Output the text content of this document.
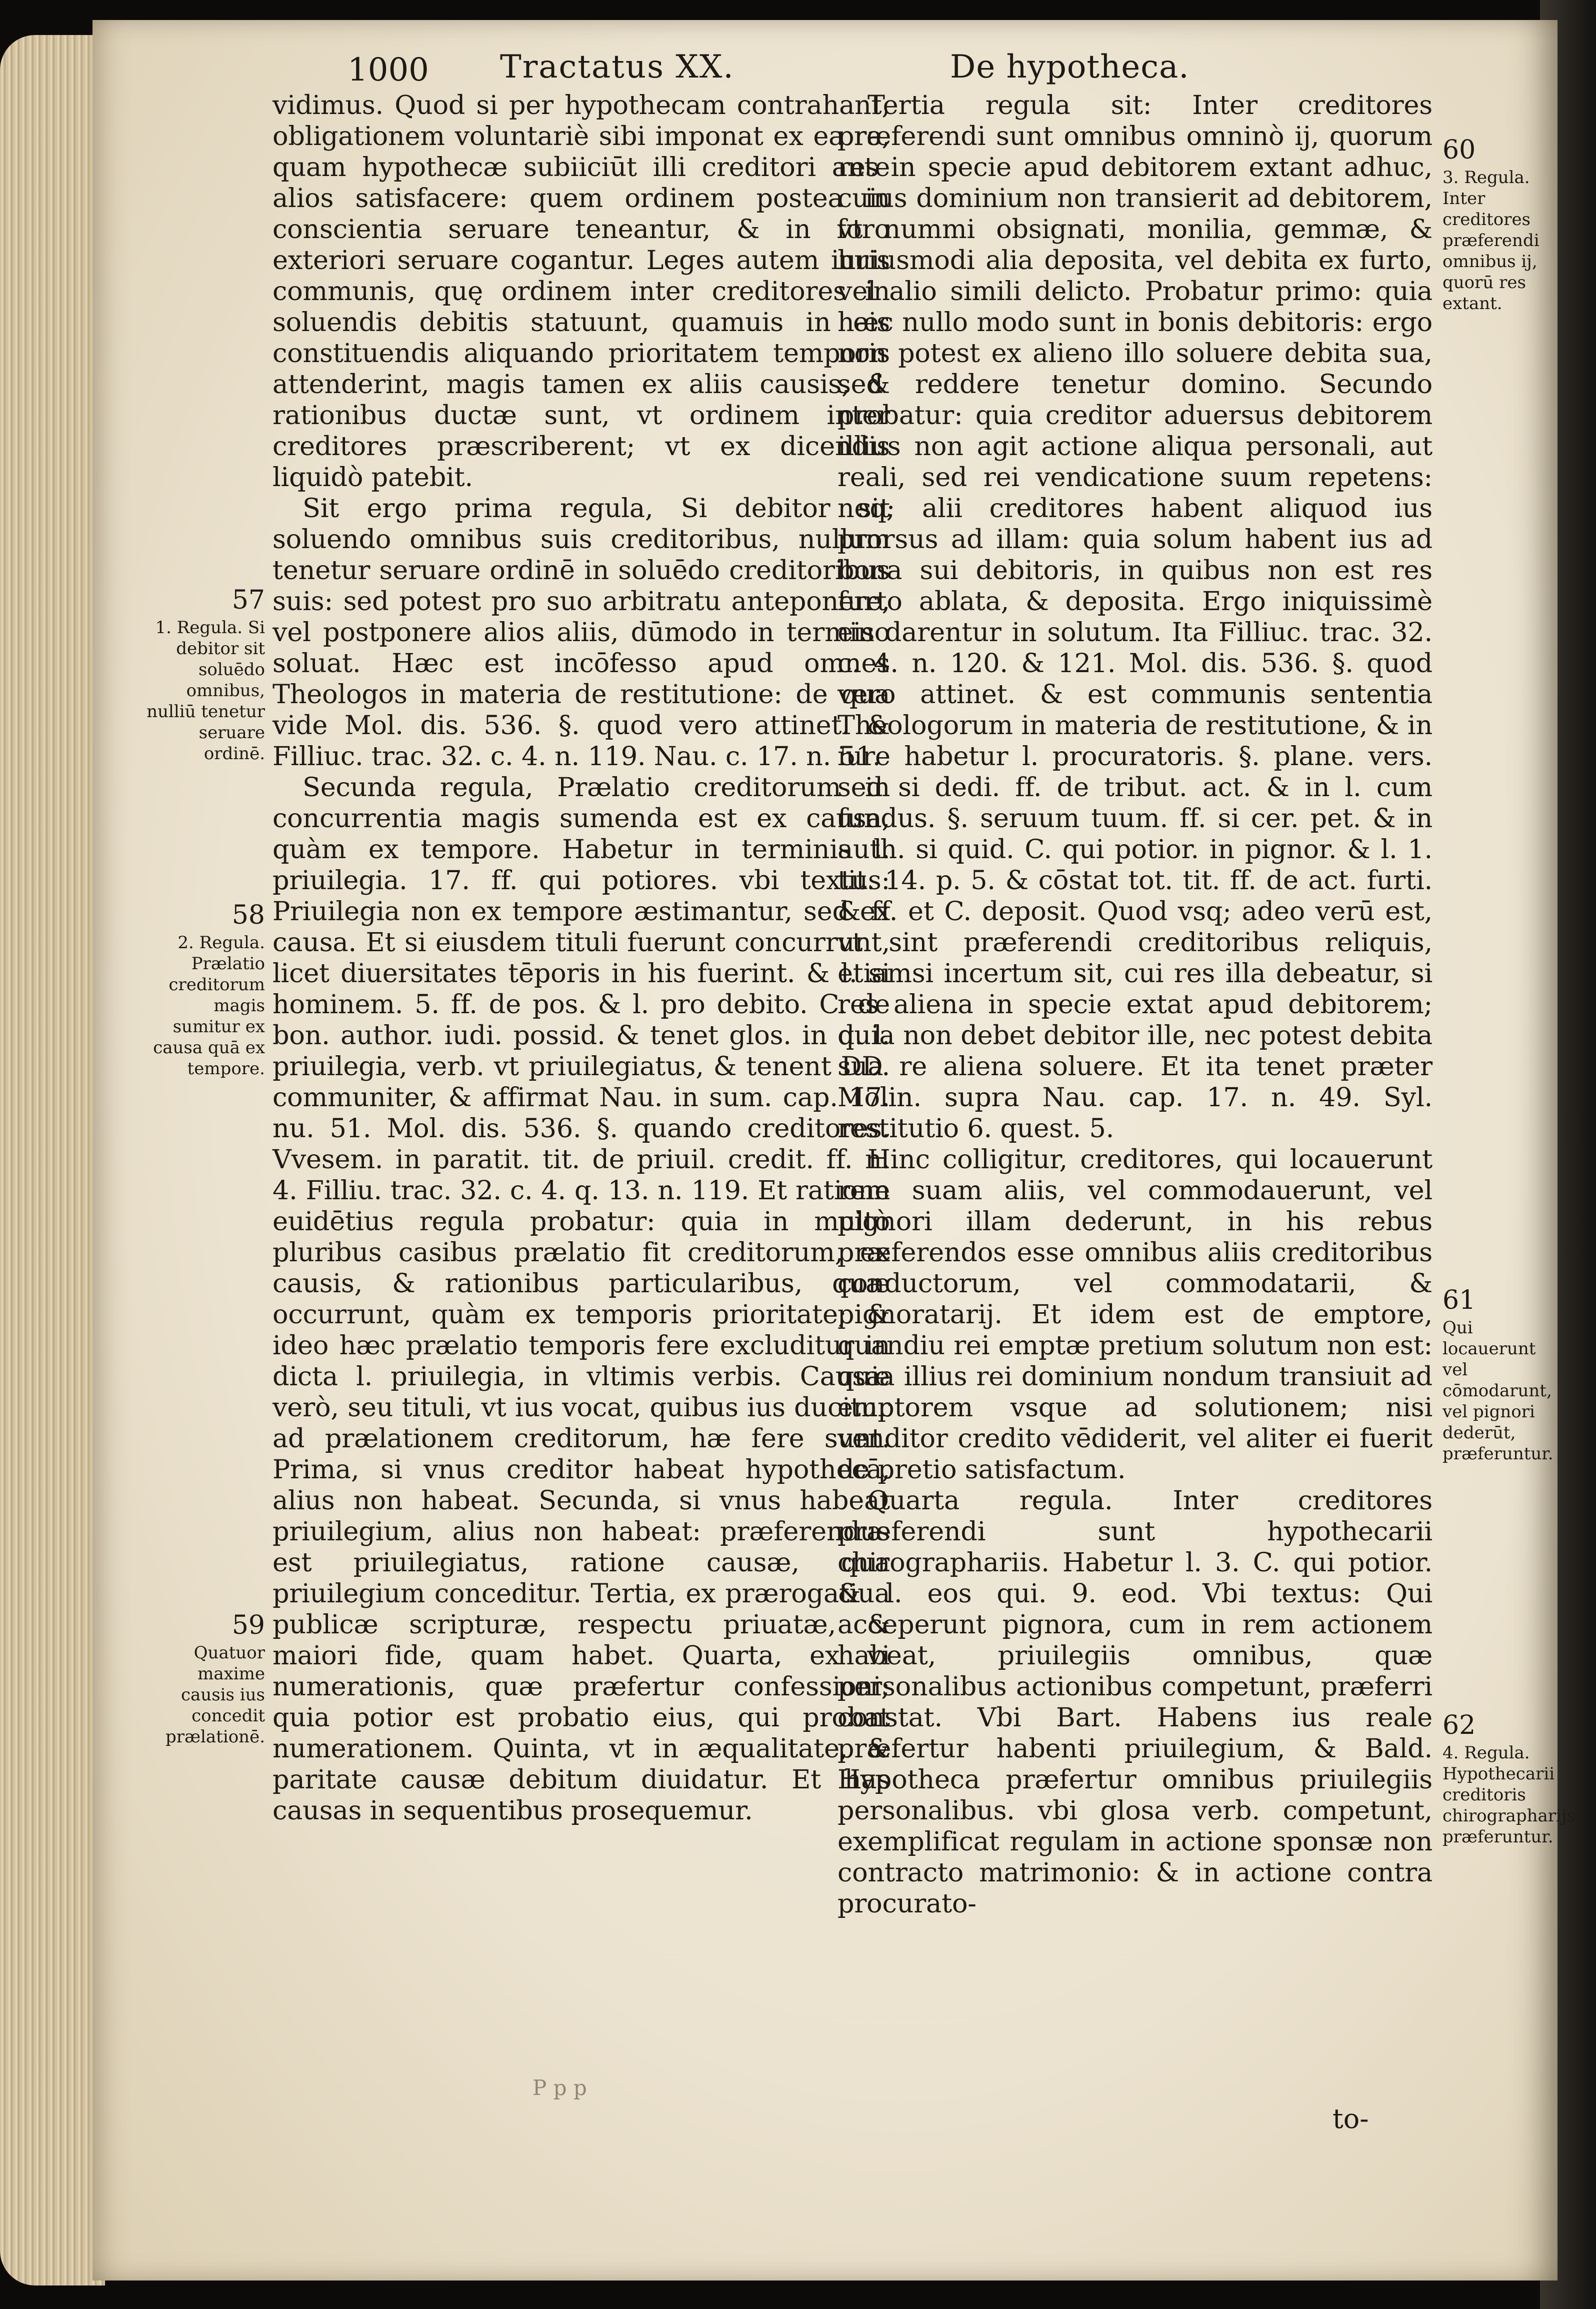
1000 Tractatus XX.	De hypotheca.

vidimus. Quod si per hypothecam contrahant, obligationem voluntariè sibi imponat ex ea re, quam hypothecæ subiiciūt illi creditori ante alios satisfacere: quem ordinem postea in conscientia seruare teneantur, & in foro exteriori seruare cogantur. Leges autem iuris communis, quę ordinem inter creditores in soluendis debitis statuunt, quamuis in eis constituendis aliquando prioritatem temporis attenderint, magis tamen ex aliis causis, & rationibus ductæ sunt, vt ordinem inter creditores præscriberent; vt ex dicendis liquidò patebit.

Sit ergo prima regula, Si debitor sit soluendo omnibus suis creditoribus, nullum tenetur seruare ordinē in soluēdo creditoribus suis: sed potest pro suo arbitratu anteponere, vel postponere alios aliis, dūmodo in termino soluat. Hæc est incōfesso apud omnes Theologos in materia de restitutione: de qua vide Mol. dis. 536. §. quod vero attinet. & Filliuc. trac. 32. c. 4. n. 119. Nau. c. 17. n. 51.

Secunda regula, Prælatio creditorum in concurrentia magis sumenda est ex causa, quàm ex tempore. Habetur in terminis l. priuilegia. 17. ff. qui potiores. vbi textus: Priuilegia non ex tempore æstimantur, sed ex causa. Et si eiusdem tituli fuerunt concurrunt, licet diuersitates tēporis in his fuerint. & l. si hominem. 5. ff. de pos. & l. pro debito. C. de bon. author. iudi. possid. & tenet glos. in d. l. priuilegia, verb. vt priuilegiatus, & tenent DD. communiter, & affirmat Nau. in sum. cap. 17. nu. 51. Mol. dis. 536. §. quando creditores. Vvesem. in paratit. tit. de priuil. credit. ff. n. 4. Filliu. trac. 32. c. 4. q. 13. n. 119. Et ratione euidētius regula probatur: quia in multò pluribus casibus prælatio fit creditorum, ex causis, & rationibus particularibus, quæ occurrunt, quàm ex temporis prioritate; & ideo hæc prælatio temporis fere excluditur in dicta l. priuilegia, in vltimis verbis. Causæ verò, seu tituli, vt ius vocat, quibus ius ducitur ad prælationem creditorum, hæ fere sunt. Prima, si vnus creditor habeat hypothecā, alius non habeat. Secunda, si vnus habeat priuilegium, alius non habeat: præferendus est priuilegiatus, ratione causæ, qua priuilegium conceditur. Tertia, ex prærogatiua publicæ scripturæ, respectu priuatæ, & maiori fide, quam habet. Quarta, ex vi numerationis, quæ præfertur confessioni; quia potior est probatio eius, qui probat numerationem. Quinta, vt in æqualitate, & paritate causæ debitum diuidatur. Et has causas in sequentibus prosequemur.

Tertia regula sit: Inter creditores præferendi sunt omnibus omninò ij, quorum res in specie apud debitorem extant adhuc, cuius dominium non transierit ad debitorem, vt nummi obsignati, monilia, gemmæ, & huiusmodi alia deposita, vel debita ex furto, vel alio simili delicto. Probatur primo: quia hæc nullo modo sunt in bonis debitoris: ergo non potest ex alieno illo soluere debita sua, sed reddere tenetur domino. Secundo probatur: quia creditor aduersus debitorem illius non agit actione aliqua personali, aut reali, sed rei vendicatione suum repetens: neq; alii creditores habent aliquod ius prorsus ad illam: quia solum habent ius ad bona sui debitoris, in quibus non est res furto ablata, & deposita. Ergo iniquissimè eis darentur in solutum. Ita Filliuc. trac. 32. c. 4. n. 120. & 121. Mol. dis. 536. §. quod vero attinet. & est communis sententia Theologorum in materia de restitutione, & in iure habetur l. procuratoris. §. plane. vers. sed si dedi. ff. de tribut. act. & in l. cum fundus. §. seruum tuum. ff. si cer. pet. & in auth. si quid. C. qui potior. in pignor. & l. 1. tit. 14. p. 5. & cōstat tot. tit. ff. de act. furti. & ff. et C. deposit. Quod vsq; adeo verū est, vt sint præferendi creditoribus reliquis, etiamsi incertum sit, cui res illa debeatur, si res aliena in specie extat apud debitorem; quia non debet debitor ille, nec potest debita sua re aliena soluere. Et ita tenet præter Molin. supra Nau. cap. 17. n. 49. Syl. restitutio 6. quest. 5.

Hinc colligitur, creditores, qui locauerunt rem suam aliis, vel commodauerunt, vel pignori illam dederunt, in his rebus præferendos esse omnibus aliis creditoribus conductorum, vel commodatarii, & pignoratarij. Et idem est de emptore, quandiu rei emptæ pretium solutum non est: quia illius rei dominium nondum transiuit ad emptorem vsque ad solutionem; nisi venditor credito vēdiderit, vel aliter ei fuerit de pretio satisfactum.

Quarta regula. Inter creditores præferendi sunt hypothecarii chirographariis. Habetur l. 3. C. qui potior. & l. eos qui. 9. eod. Vbi textus: Qui acceperunt pignora, cum in rem actionem habeat, priuilegiis omnibus, quæ personalibus actionibus competunt, præferri constat. Vbi Bart. Habens ius reale præfertur habenti priuilegium, & Bald. Hypotheca præfertur omnibus priuilegiis personalibus. vbi glosa verb. competunt, exemplificat regulam in actione sponsæ non contracto matrimonio: & in actione contra procurato-

57
1. Regula. Si debitor sit soluēdo omnibus, nulliū tenetur seruare ordinē.
58
2. Regula. Prælatio creditorum magis sumitur ex causa quā ex tempore.
59
Quatuor maxime causis ius concedit prælationē.
60
3. Regula. Inter creditores præferendi omnibus ij, quorū res extant.
61
Qui locauerunt vel cōmodarunt, vel pignori dederūt, præferuntur.
62
4. Regula. Hypothecarii creditoris chirographarijs præferuntur.
P p p
to-
